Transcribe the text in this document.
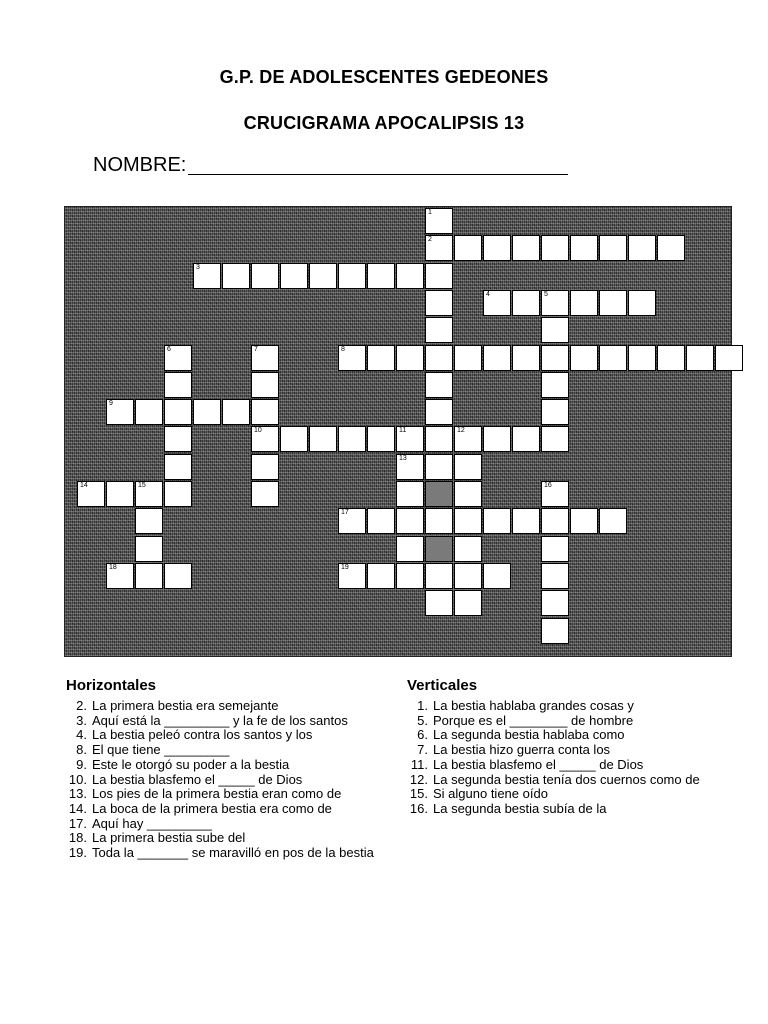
G.P. DE ADOLESCENTES GEDEONES
CRUCIGRAMA APOCALIPSIS 13
NOMBRE:
2
3
4	5
8
9
10	11	12
14	15
17
18	19
1
6	7
13
16
Horizontales
2. La primera bestia era semejante
3. Aquí está la _________ y la fe de los santos
4. La bestia peleó contra los santos y los
8. El que tiene _________
9. Este le otorgó su poder a la bestia
10. La bestia blasfemo el _____ de Dios
13. Los pies de la primera bestia eran como de
14. La boca de la primera bestia era como de
17. Aquí hay _________
18. La primera bestia sube del
19. Toda la _______ se maravilló en pos de la bestia
Verticales
1. La bestia hablaba grandes cosas y
5. Porque es el ________ de hombre
6. La segunda bestia hablaba como
7. La bestia hizo guerra conta los
11. La bestia blasfemo el _____ de Dios
12. La segunda bestia tenía dos cuernos como de
15. Si alguno tiene oído
16. La segunda bestia subía de la
